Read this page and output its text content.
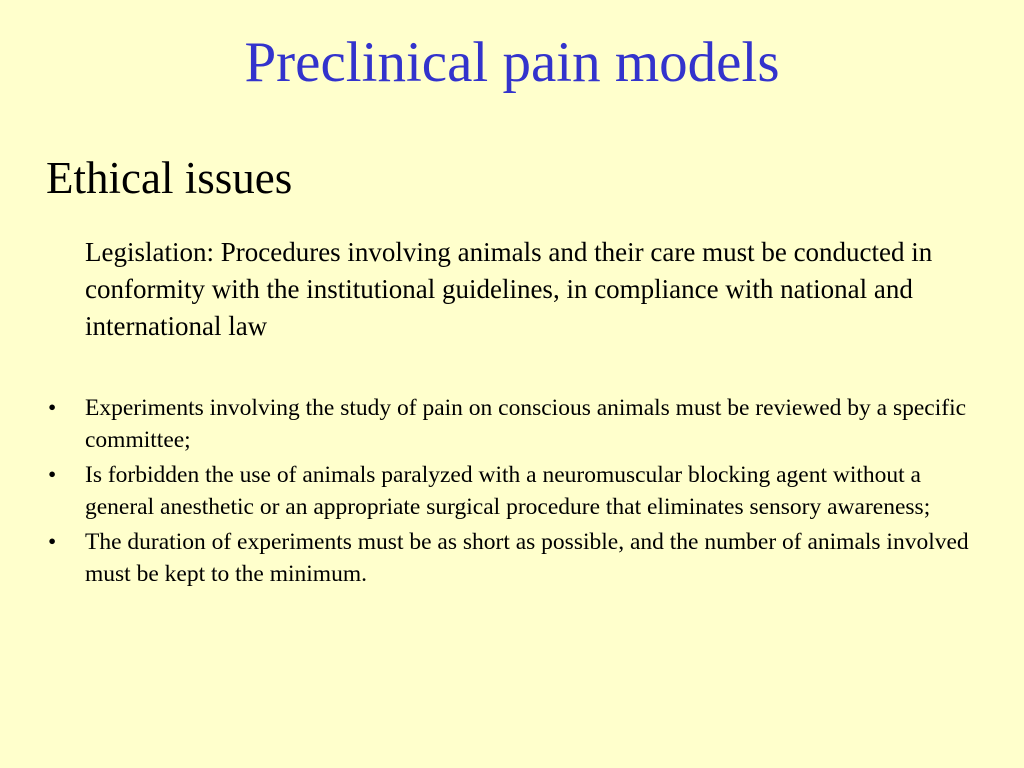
Preclinical pain models
Ethical issues
Legislation: Procedures involving animals and their care must be conducted in conformity with the institutional guidelines, in compliance with national and international law
• Experiments involving the study of pain on conscious animals must be reviewed by a specific committee;
• Is forbidden the use of animals paralyzed with a neuromuscular blocking agent without a general anesthetic or an appropriate surgical procedure that eliminates sensory awareness;
• The duration of experiments must be as short as possible, and the number of animals involved must be kept to the minimum.
